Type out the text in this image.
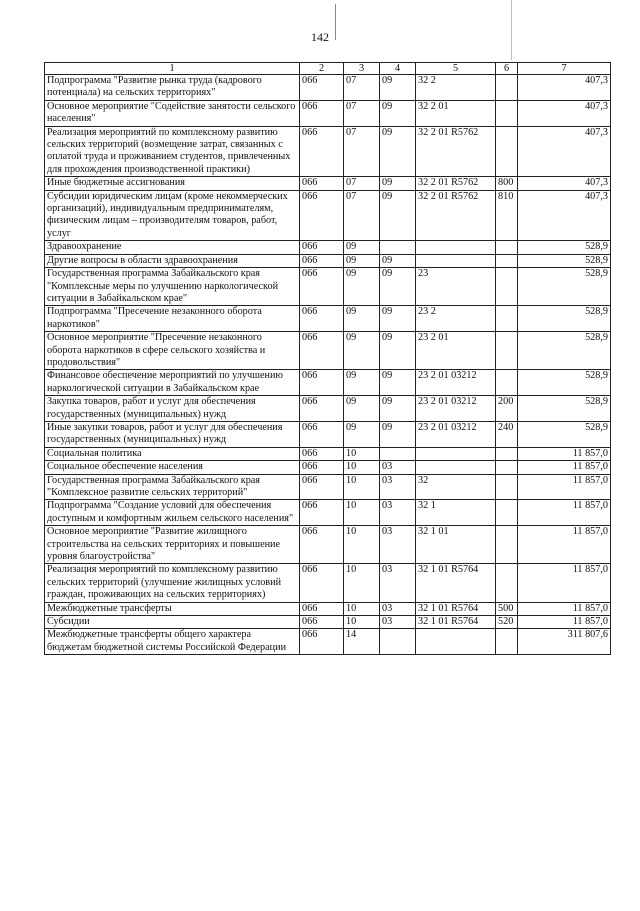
142
1	2	3	4	5	6	7
Подпрограмма "Развитие рынка труда (кадрового потенциала) на сельских территориях"	066	07	09	32 2		407,3
Основное мероприятие "Содействие занятости сельского населения"	066	07	09	32 2 01		407,3
Реализация мероприятий по комплексному развитию сельских территорий (возмещение затрат, связанных с оплатой труда и проживанием студентов, привлеченных для прохождения производственной практики)	066	07	09	32 2 01 R5762		407,3
Иные бюджетные ассигнования	066	07	09	32 2 01 R5762	800	407,3
Субсидии юридическим лицам (кроме некоммерческих организаций), индивидуальным предпринимателям, физическим лицам – производителям товаров, работ, услуг	066	07	09	32 2 01 R5762	810	407,3
Здравоохранение	066	09				528,9
Другие вопросы в области здравоохранения	066	09	09			528,9
Государственная программа Забайкальского края "Комплексные меры по улучшению наркологической ситуации в Забайкальском крае"	066	09	09	23		528,9
Подпрограмма "Пресечение незаконного оборота наркотиков"	066	09	09	23 2		528,9
Основное мероприятие "Пресечение незаконного оборота наркотиков в сфере сельского хозяйства и продовольствия"	066	09	09	23 2 01		528,9
Финансовое обеспечение мероприятий по улучшению наркологической ситуации в Забайкальском крае	066	09	09	23 2 01 03212		528,9
Закупка товаров, работ и услуг для обеспечения государственных (муниципальных) нужд	066	09	09	23 2 01 03212	200	528,9
Иные закупки товаров, работ и услуг для обеспечения государственных (муниципальных) нужд	066	09	09	23 2 01 03212	240	528,9
Социальная политика	066	10				11 857,0
Социальное обеспечение населения	066	10	03			11 857,0
Государственная программа Забайкальского края "Комплексное развитие сельских территорий"	066	10	03	32		11 857,0
Подпрограмма "Создание условий для обеспечения доступным и комфортным жильем сельского населения"	066	10	03	32 1		11 857,0
Основное мероприятие "Развитие жилищного строительства на сельских территориях и повышение уровня благоустройства"	066	10	03	32 1 01		11 857,0
Реализация мероприятий по комплексному развитию сельских территорий (улучшение жилищных условий граждан, проживающих на сельских территориях)	066	10	03	32 1 01 R5764		11 857,0
Межбюджетные трансферты	066	10	03	32 1 01 R5764	500	11 857,0
Субсидии	066	10	03	32 1 01 R5764	520	11 857,0
Межбюджетные трансферты общего характера бюджетам бюджетной системы Российской Федерации	066	14				311 807,6
